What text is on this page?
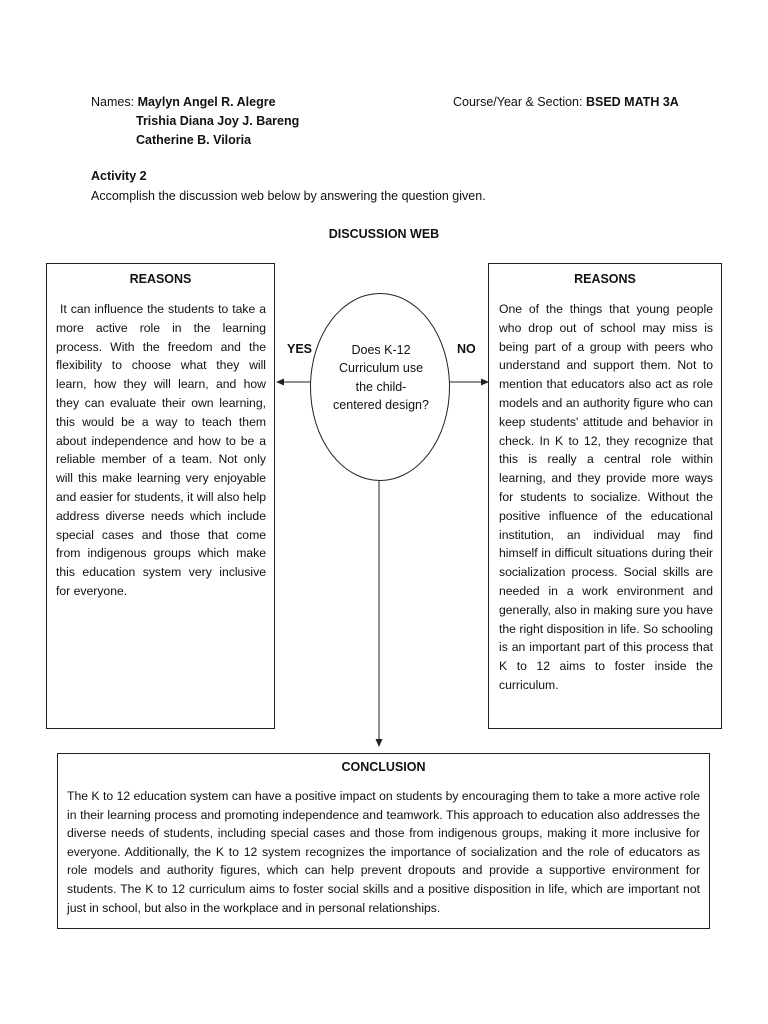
Names: Maylyn Angel R. Alegre
Trishia Diana Joy J. Bareng
Catherine B. Viloria
Course/Year & Section: BSED MATH 3A
Activity 2
Accomplish the discussion web below by answering the question given.
DISCUSSION WEB
REASONS
It can influence the students to take a more active role in the learning process. With the freedom and the flexibility to choose what they will learn, how they will learn, and how they can evaluate their own learning, this would be a way to teach them about independence and how to be a reliable member of a team. Not only will this make learning very enjoyable and easier for students, it will also help address diverse needs which include special cases and those that come from indigenous groups which make this education system very inclusive for everyone.
Does K-12 Curriculum use the child-centered design?
YES	NO
REASONS
One of the things that young people who drop out of school may miss is being part of a group with peers who understand and support them. Not to mention that educators also act as role models and an authority figure who can keep students' attitude and behavior in check. In K to 12, they recognize that this is really a central role within learning, and they provide more ways for students to socialize. Without the positive influence of the educational institution, an individual may find himself in difficult situations during their socialization process. Social skills are needed in a work environment and generally, also in making sure you have the right disposition in life. So schooling is an important part of this process that K to 12 aims to foster inside the curriculum.
CONCLUSION
The K to 12 education system can have a positive impact on students by encouraging them to take a more active role in their learning process and promoting independence and teamwork. This approach to education also addresses the diverse needs of students, including special cases and those from indigenous groups, making it more inclusive for everyone. Additionally, the K to 12 system recognizes the importance of socialization and the role of educators as role models and authority figures, which can help prevent dropouts and provide a supportive environment for students. The K to 12 curriculum aims to foster social skills and a positive disposition in life, which are important not just in school, but also in the workplace and in personal relationships.
